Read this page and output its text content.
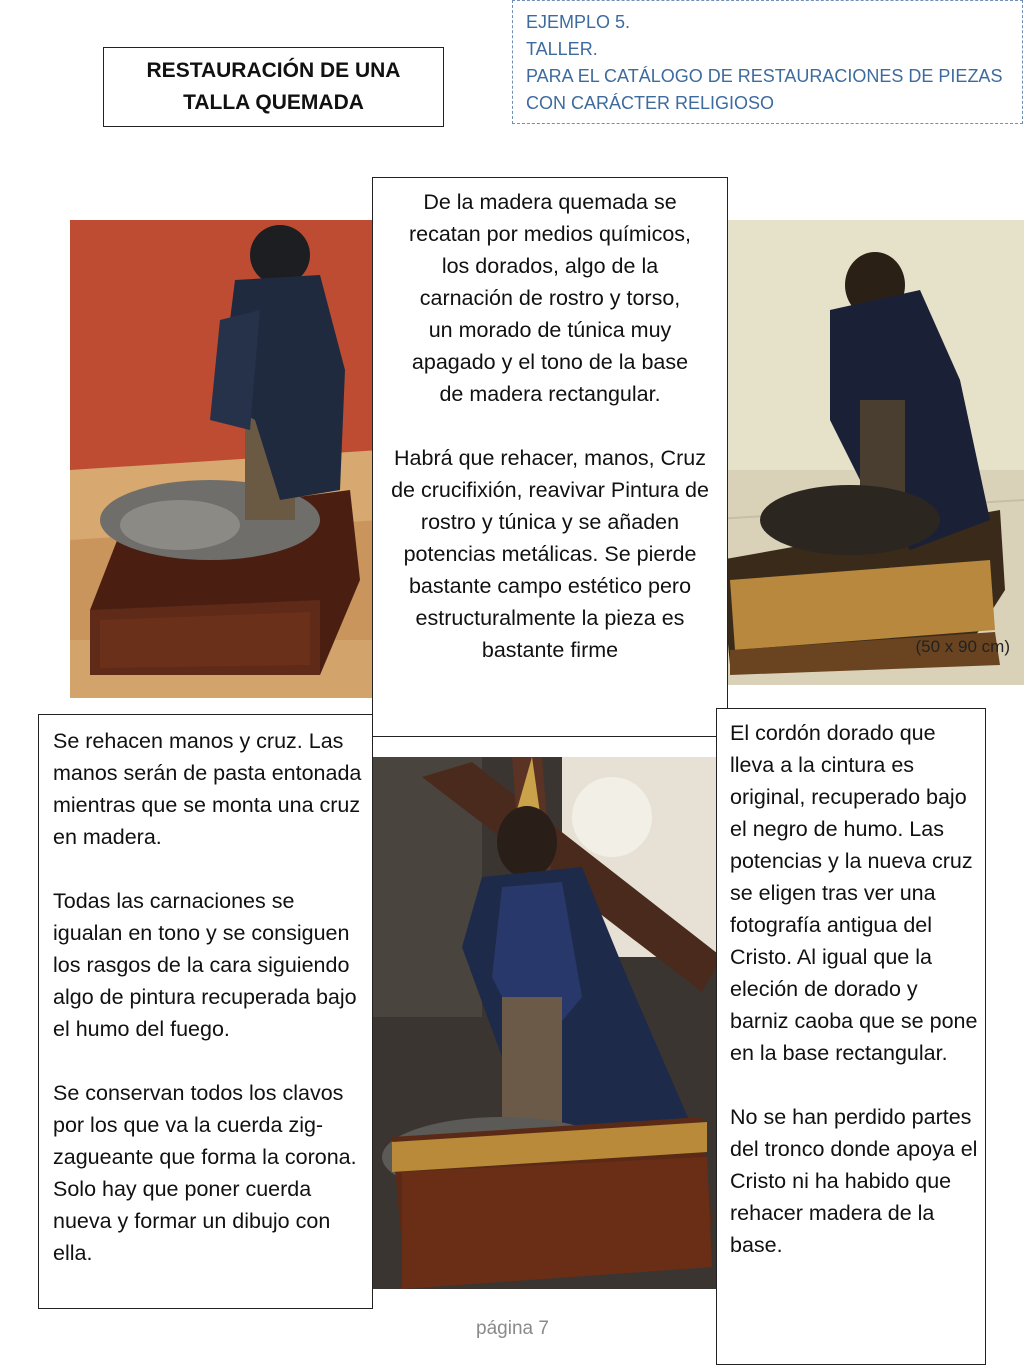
RESTAURACIÓN DE UNA
TALLA QUEMADA
EJEMPLO 5.
TALLER.
PARA EL CATÁLOGO DE RESTAURACIONES DE PIEZAS
CON CARÁCTER RELIGIOSO

De la madera quemada se recatan por medios químicos, los dorados, algo de la carnación de rostro y torso, un morado de túnica muy apagado y el tono de la base de madera rectangular.

Habrá que rehacer, manos, Cruz de crucifixión, reavivar Pintura de rostro y túnica y se añaden potencias metálicas. Se pierde bastante campo estético pero estructuralmente la pieza es bastante firme

Se rehacen manos y cruz. Las manos serán de pasta entonada mientras que se monta una cruz en madera.

Todas las carnaciones se igualan en tono y se consiguen los rasgos de la cara siguiendo algo de pintura recuperada bajo el humo del fuego.

Se conservan todos los clavos por los que va la cuerda zig-zagueante que forma la corona. Solo hay que poner cuerda nueva y formar un dibujo con ella.

El cordón dorado que lleva a la cintura es original, recuperado bajo el negro de humo. Las potencias y la nueva cruz se eligen tras ver una fotografía antigua del Cristo. Al igual que la eleción de dorado y barniz caoba que se pone en la base rectangular.

No se han perdido partes del tronco donde apoya el Cristo ni ha habido que rehacer madera de la base.

(50 x 90 cm)
página 7
